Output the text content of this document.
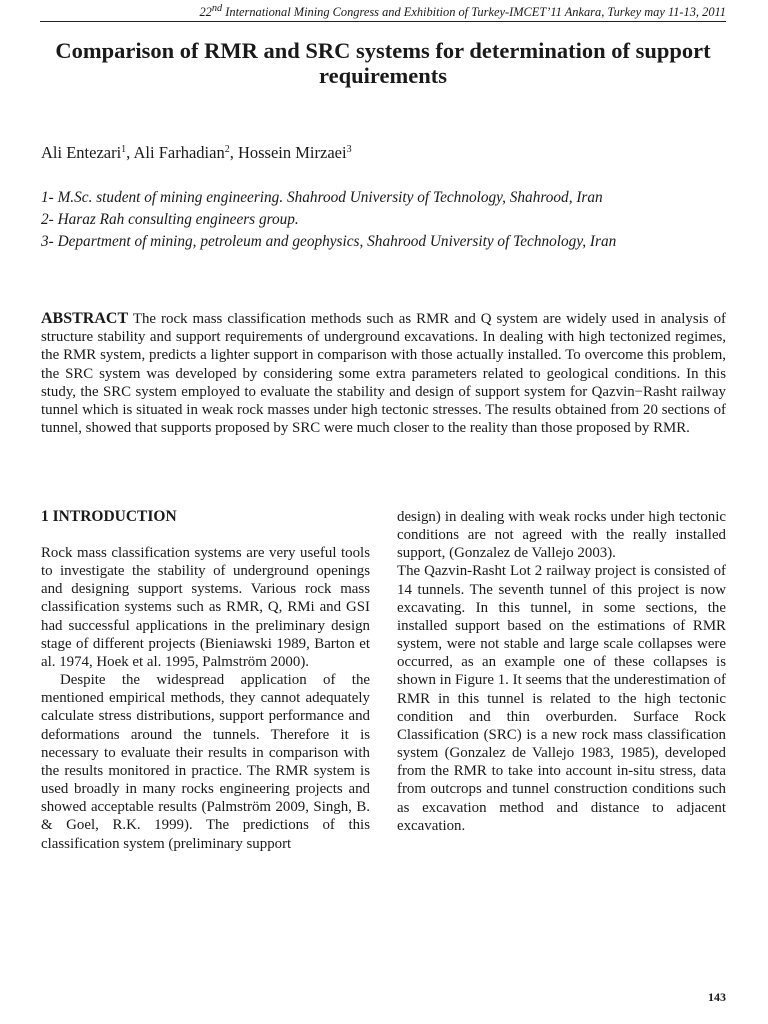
22nd International Mining Congress and Exhibition of Turkey-IMCET’11 Ankara, Turkey may 11-13, 2011
Comparison of RMR and SRC systems for determination of support requirements
Ali Entezari$^1$, Ali Farhadian$^2$, Hossein Mirzaei$^3$
1- M.Sc. student of mining engineering. Shahrood University of Technology, Shahrood, Iran
2- Haraz Rah consulting engineers group.
3- Department of mining, petroleum and geophysics, Shahrood University of Technology, Iran
ABSTRACT The rock mass classification methods such as RMR and Q system are widely used in analysis of structure stability and support requirements of underground excavations. In dealing with high tectonized regimes, the RMR system, predicts a lighter support in comparison with those actually installed. To overcome this problem, the SRC system was developed by considering some extra parameters related to geological conditions. In this study, the SRC system employed to evaluate the stability and design of support system for Qazvin−Rasht railway tunnel which is situated in weak rock masses under high tectonic stresses. The results obtained from 20 sections of tunnel, showed that supports proposed by SRC were much closer to the reality than those proposed by RMR.
1 INTRODUCTION

Rock mass classification systems are very useful tools to investigate the stability of underground openings and designing support systems. Various rock mass classification systems such as RMR, Q, RMi and GSI had successful applications in the preliminary design stage of different projects (Bieniawski 1989, Barton et al. 1974, Hoek et al. 1995, Palmström 2000).

Despite the widespread application of the mentioned empirical methods, they cannot adequately calculate stress distributions, support performance and deformations around the tunnels. Therefore it is necessary to evaluate their results in comparison with the results monitored in practice. The RMR system is used broadly in many rocks engineering projects and showed acceptable results (Palmström 2009, Singh, B. & Goel, R.K. 1999). The predictions of this classification system (preliminary support

design) in dealing with weak rocks under high tectonic conditions are not agreed with the really installed support, (Gonzalez de Vallejo 2003).

The Qazvin-Rasht Lot 2 railway project is consisted of 14 tunnels. The seventh tunnel of this project is now excavating. In this tunnel, in some sections, the installed support based on the estimations of RMR system, were not stable and large scale collapses were occurred, as an example one of these collapses is shown in Figure 1. It seems that the underestimation of RMR in this tunnel is related to the high tectonic condition and thin overburden. Surface Rock Classification (SRC) is a new rock mass classification system (Gonzalez de Vallejo 1983, 1985), developed from the RMR to take into account in-situ stress, data from outcrops and tunnel construction conditions such as excavation method and distance to adjacent excavation.

143
